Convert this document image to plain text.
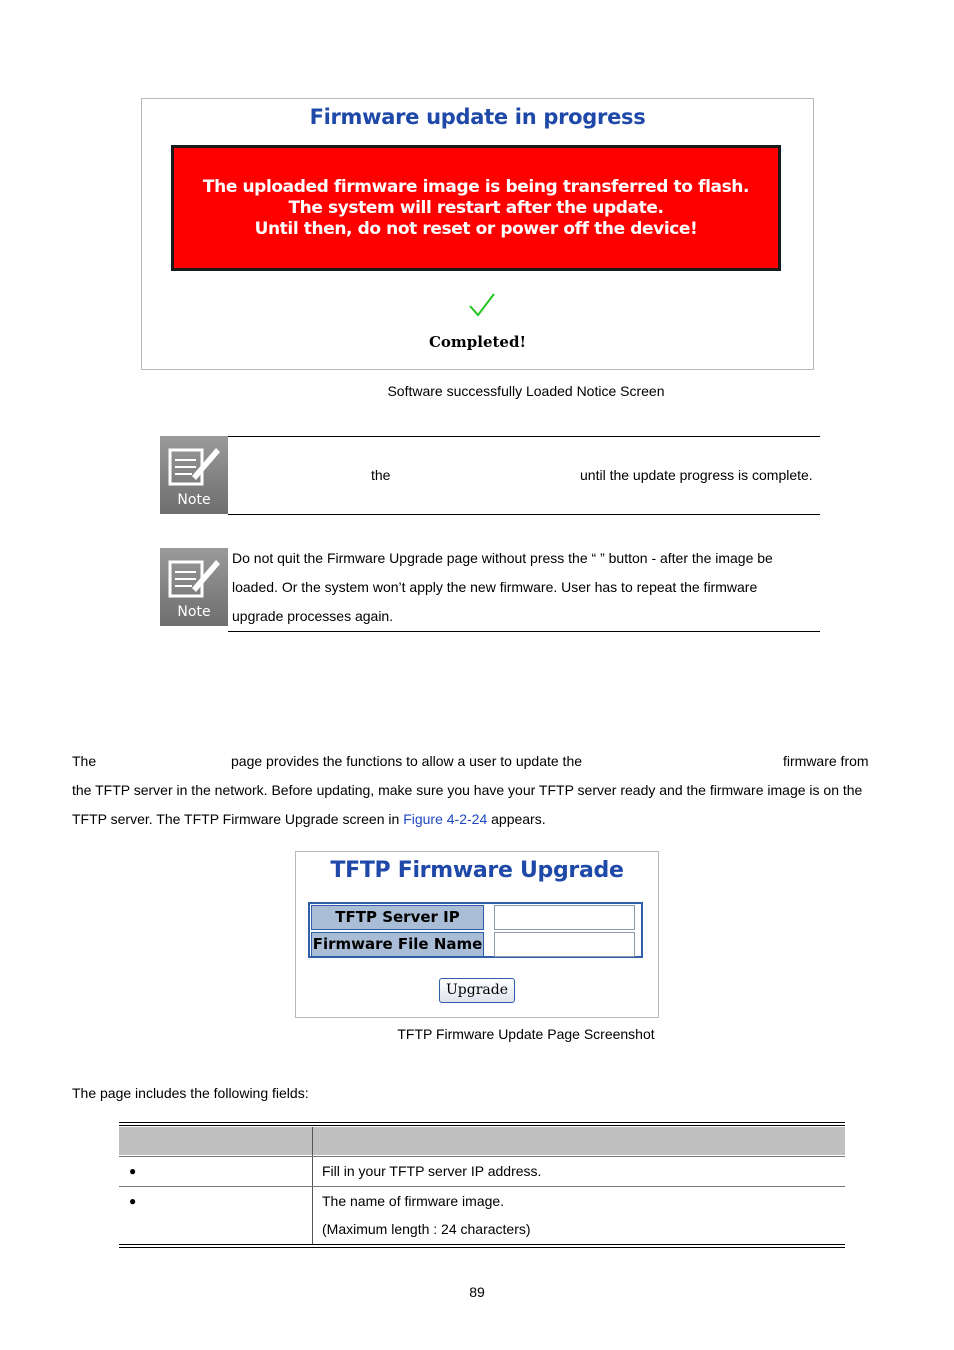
Firmware update in progress
The uploaded firmware image is being transferred to flash.
The system will restart after the update.
Until then, do not reset or power off the device!
Completed!
Software successfully Loaded Notice Screen
Note
the	until the update progress is complete.
Note
Do not quit the Firmware Upgrade page without press the “ ” button - after the image be
loaded. Or the system won’t apply the new firmware. User has to repeat the firmware
upgrade processes again.
The	page provides the functions to allow a user to update the	firmware from
the TFTP server in the network. Before updating, make sure you have your TFTP server ready and the firmware image is on the
TFTP server. The TFTP Firmware Upgrade screen in Figure 4-2-24 appears.
TFTP Firmware Upgrade
TFTP Server IP
Firmware File Name
Upgrade
TFTP Firmware Update Page Screenshot
The page includes the following fields:
●	Fill in your TFTP server IP address.
●	The name of firmware image.
(Maximum length : 24 characters)
89
